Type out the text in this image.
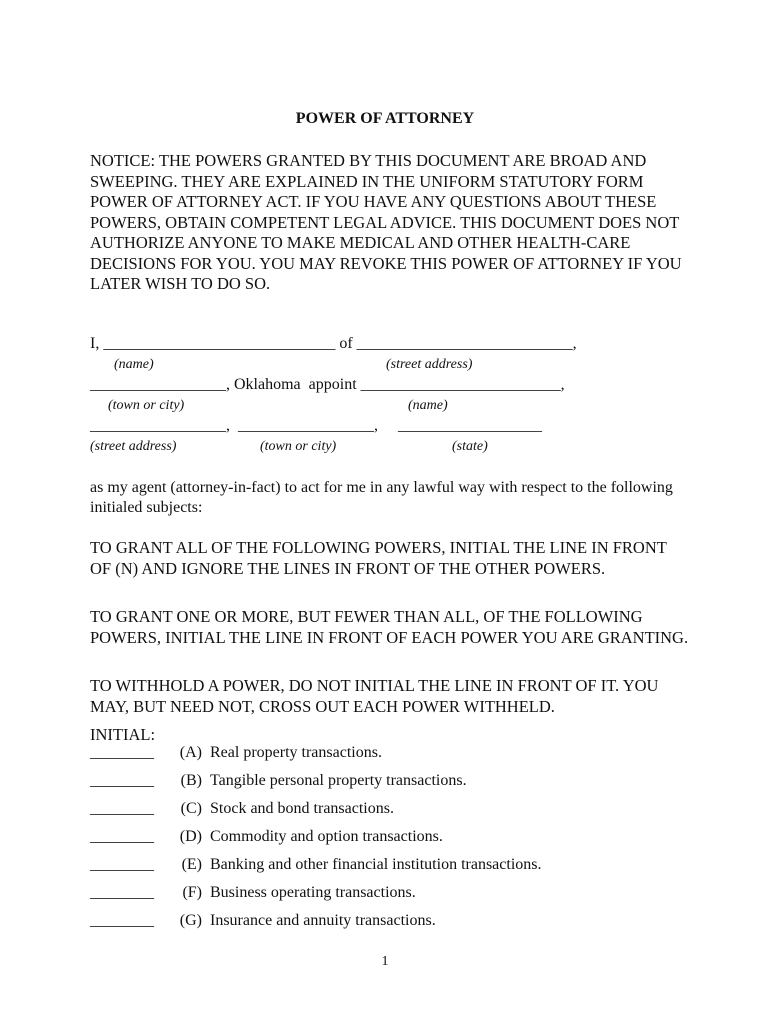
POWER OF ATTORNEY

NOTICE: THE POWERS GRANTED BY THIS DOCUMENT ARE BROAD AND SWEEPING. THEY ARE EXPLAINED IN THE UNIFORM STATUTORY FORM POWER OF ATTORNEY ACT. IF YOU HAVE ANY QUESTIONS ABOUT THESE POWERS, OBTAIN COMPETENT LEGAL ADVICE. THIS DOCUMENT DOES NOT AUTHORIZE ANYONE TO MAKE MEDICAL AND OTHER HEALTH-CARE DECISIONS FOR YOU. YOU MAY REVOKE THIS POWER OF ATTORNEY IF YOU LATER WISH TO DO SO.

I, _____________________________ of ___________________________,
(name)	(street address)
_________________, Oklahoma  appoint _________________________,
(town or city)	(name)
_________________,  _________________,     __________________
(street address)	(town or city)	(state)

as my agent (attorney-in-fact) to act for me in any lawful way with respect to the following initialed subjects:

TO GRANT ALL OF THE FOLLOWING POWERS, INITIAL THE LINE IN FRONT OF (N) AND IGNORE THE LINES IN FRONT OF THE OTHER POWERS.

TO GRANT ONE OR MORE, BUT FEWER THAN ALL, OF THE FOLLOWING POWERS, INITIAL THE LINE IN FRONT OF EACH POWER YOU ARE GRANTING.

TO WITHHOLD A POWER, DO NOT INITIAL THE LINE IN FRONT OF IT. YOU MAY, BUT NEED NOT, CROSS OUT EACH POWER WITHHELD.

INITIAL:
________ (A) Real property transactions.
________ (B) Tangible personal property transactions.
________ (C) Stock and bond transactions.
________ (D) Commodity and option transactions.
________ (E) Banking and other financial institution transactions.
________ (F) Business operating transactions.
________ (G) Insurance and annuity transactions.
1
